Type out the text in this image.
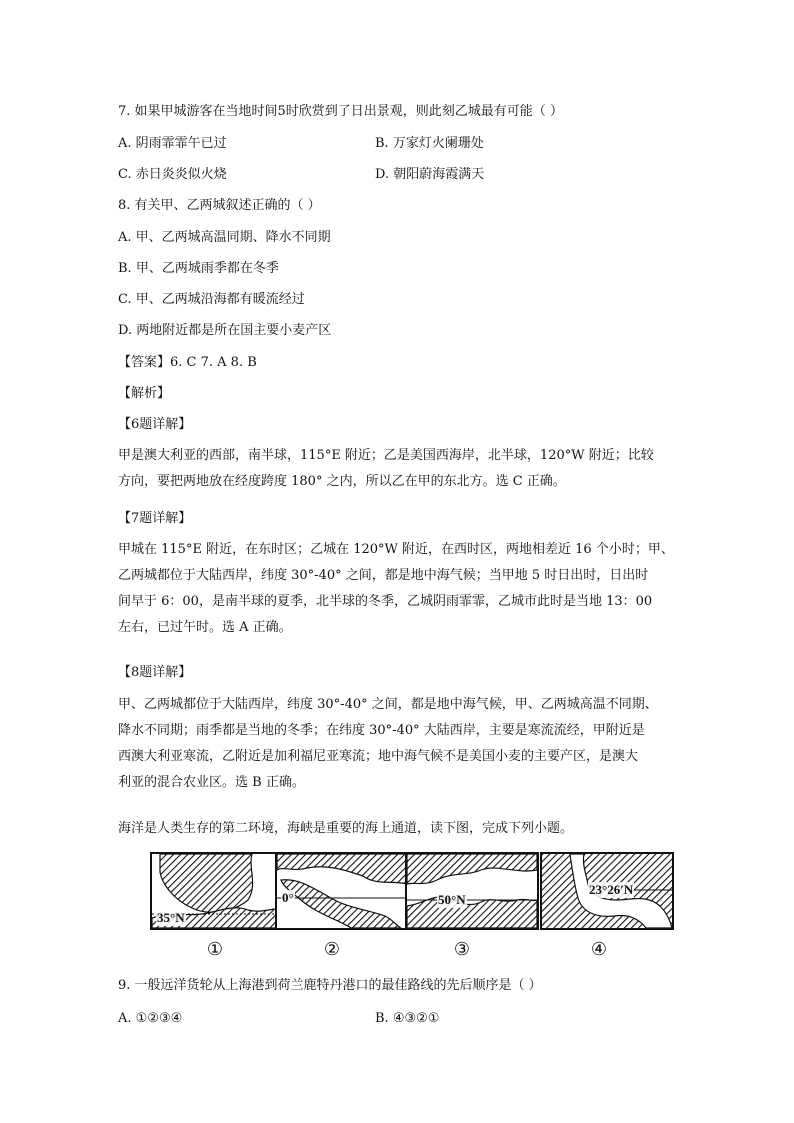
7. 如果甲城游客在当地时间5时欣赏到了日出景观，则此刻乙城最有可能（ ）
A. 阴雨霏霏午已过	B. 万家灯火阑珊处
C. 赤日炎炎似火烧	D. 朝阳蔚海霞满天
8. 有关甲、乙两城叙述正确的（ ）
A. 甲、乙两城高温同期、降水不同期
B. 甲、乙两城雨季都在冬季
C. 甲、乙两城沿海都有暖流经过
D. 两地附近都是所在国主要小麦产区
【答案】6. C 7. A 8. B
【解析】
【6题详解】
甲是澳大利亚的西部，南半球，115°E 附近；乙是美国西海岸，北半球，120°W 附近；比较
方向，要把两地放在经度跨度 180° 之内，所以乙在甲的东北方。选 C 正确。
【7题详解】
甲城在 115°E 附近，在东时区；乙城在 120°W 附近，在西时区，两地相差近 16 个小时；甲、
乙两城都位于大陆西岸，纬度 30°-40° 之间，都是地中海气候；当甲地 5 时日出时，日出时
间早于 6：00，是南半球的夏季，北半球的冬季，乙城阴雨霏霏，乙城市此时是当地 13：00
左右，已过午时。选 A 正确。
【8题详解】
甲、乙两城都位于大陆西岸，纬度 30°-40° 之间，都是地中海气候，甲、乙两城高温不同期、
降水不同期；雨季都是当地的冬季；在纬度 30°-40° 大陆西岸，主要是寒流流经，甲附近是
西澳大利亚寒流，乙附近是加利福尼亚寒流；地中海气候不是美国小麦的主要产区，是澳大
利亚的混合农业区。选 B 正确。
海洋是人类生存的第二环境，海峡是重要的海上通道，读下图，完成下列小题。
35°N
0°	50°N
23°26′N
①	②	③	④
9. 一般远洋货轮从上海港到荷兰鹿特丹港口的最佳路线的先后顺序是（ ）
A. ①②③④	B. ④③②①
